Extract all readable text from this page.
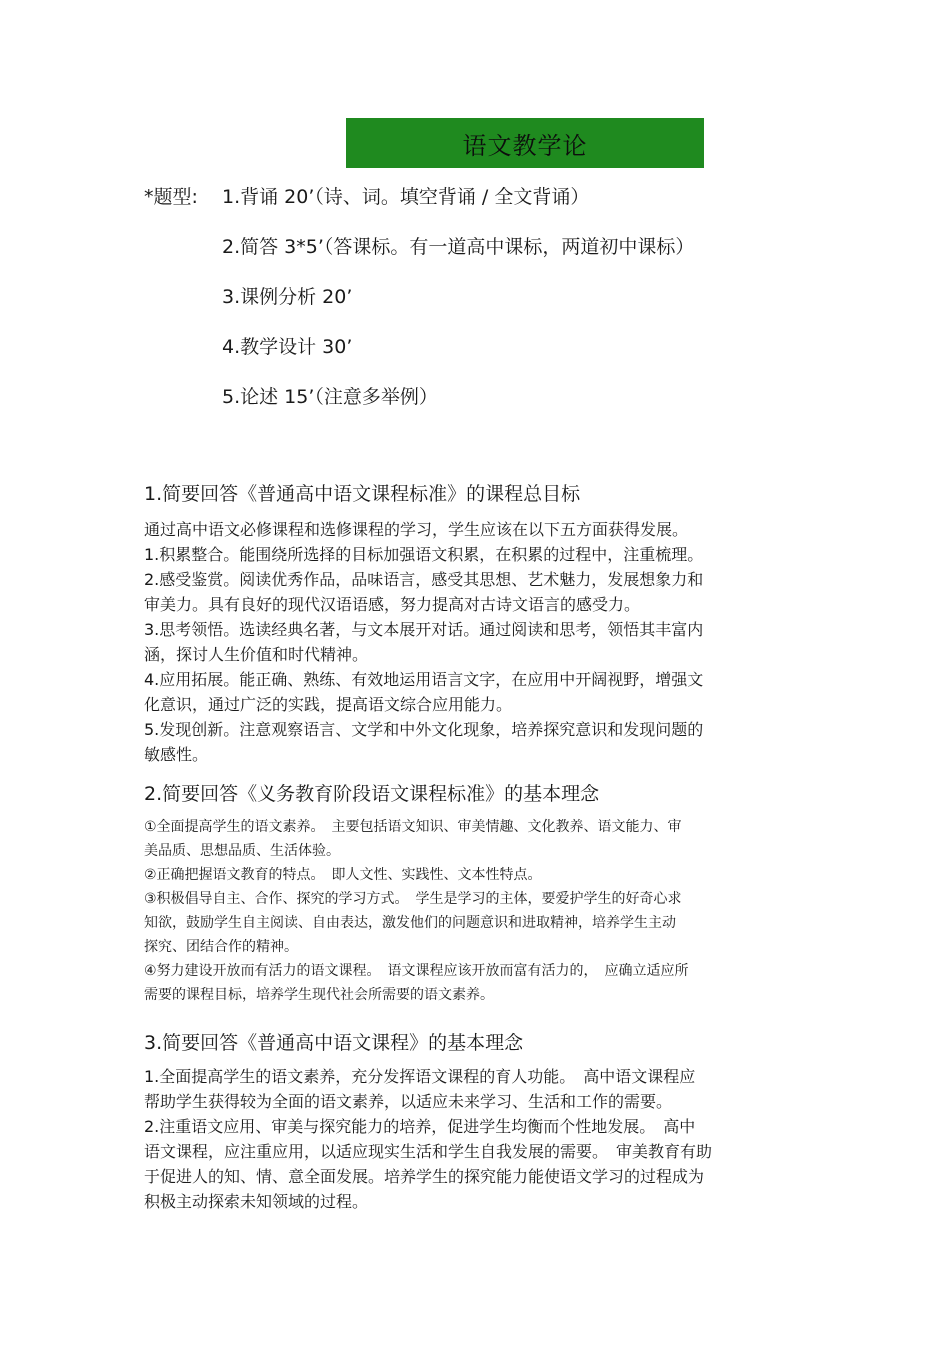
语文教学论
*题型: 1.背诵 20’（诗、词。填空背诵 / 全文背诵）
2.简答 3*5’（答课标。有一道高中课标，两道初中课标）
3.课例分析 20’
4.教学设计 30’
5.论述 15’（注意多举例）
1.简要回答《普通高中语文课程标准》的课程总目标
通过高中语文必修课程和选修课程的学习，学生应该在以下五方面获得发展。
1.积累整合。能围绕所选择的目标加强语文积累，在积累的过程中，注重梳理。
2.感受鉴赏。阅读优秀作品，品味语言，感受其思想、艺术魅力，发展想象力和
审美力。具有良好的现代汉语语感，努力提高对古诗文语言的感受力。
3.思考领悟。选读经典名著，与文本展开对话。通过阅读和思考，领悟其丰富内
涵，探讨人生价值和时代精神。
4.应用拓展。能正确、熟练、有效地运用语言文字，在应用中开阔视野，增强文
化意识，通过广泛的实践，提高语文综合应用能力。
5.发现创新。注意观察语言、文学和中外文化现象，培养探究意识和发现问题的
敏感性。
2.简要回答《义务教育阶段语文课程标准》的基本理念
①全面提高学生的语文素养。　主要包括语文知识、审美情趣、文化教养、语文能力、审
美品质、思想品质、生活体验。
②正确把握语文教育的特点。　即人文性、实践性、文本性特点。
③积极倡导自主、合作、探究的学习方式。　学生是学习的主体，要爱护学生的好奇心求
知欲，鼓励学生自主阅读、自由表达，激发他们的问题意识和进取精神，培养学生主动
探究、团结合作的精神。
④努力建设开放而有活力的语文课程。　语文课程应该开放而富有活力的，　应确立适应所
需要的课程目标，培养学生现代社会所需要的语文素养。
3.简要回答《普通高中语文课程》的基本理念
1.全面提高学生的语文素养，充分发挥语文课程的育人功能。　高中语文课程应
帮助学生获得较为全面的语文素养，以适应未来学习、生活和工作的需要。
2.注重语文应用、审美与探究能力的培养，促进学生均衡而个性地发展。　高中
语文课程，应注重应用，以适应现实生活和学生自我发展的需要。　审美教育有助
于促进人的知、情、意全面发展。培养学生的探究能力能使语文学习的过程成为
积极主动探索未知领域的过程。
